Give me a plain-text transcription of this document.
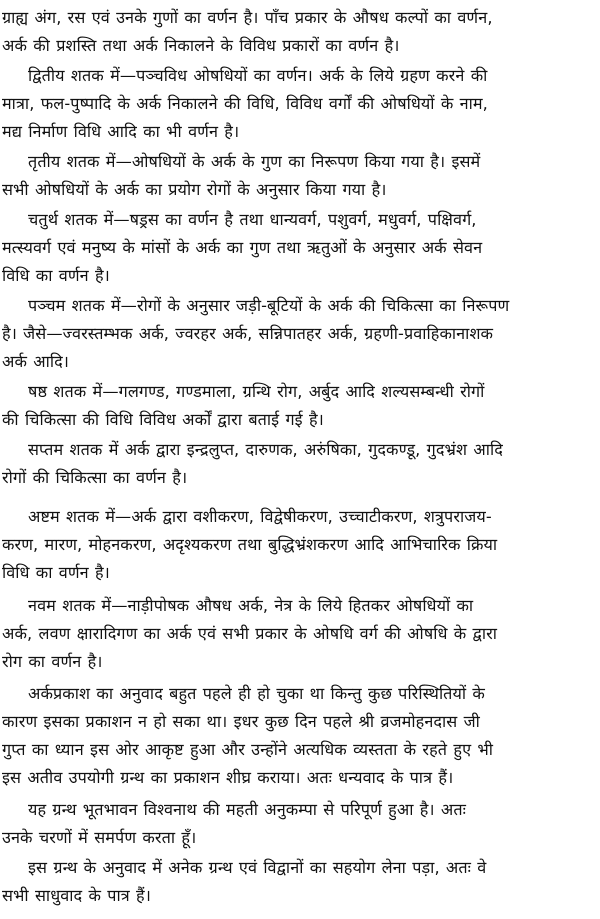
ग्राह्य अंग, रस एवं उनके गुणों का वर्णन है। पाँच प्रकार के औषध कल्पों का वर्णन,
अर्क की प्रशस्ति तथा अर्क निकालने के विविध प्रकारों का वर्णन है।
द्वितीय शतक में—पञ्चविध ओषधियों का वर्णन। अर्क के लिये ग्रहण करने की
मात्रा, फल-पुष्पादि के अर्क निकालने की विधि, विविध वर्गों की ओषधियों के नाम,
मद्य निर्माण विधि आदि का भी वर्णन है।
तृतीय शतक में—ओषधियों के अर्क के गुण का निरूपण किया गया है। इसमें
सभी ओषधियों के अर्क का प्रयोग रोगों के अनुसार किया गया है।
चतुर्थ शतक में—षड्रस का वर्णन है तथा धान्यवर्ग, पशुवर्ग, मधुवर्ग, पक्षिवर्ग,
मत्स्यवर्ग एवं मनुष्य के मांसों के अर्क का गुण तथा ऋतुओं के अनुसार अर्क सेवन
विधि का वर्णन है।
पञ्चम शतक में—रोगों के अनुसार जड़ी-बूटियों के अर्क की चिकित्सा का निरूपण
है। जैसे—ज्वरस्तम्भक अर्क, ज्वरहर अर्क, सन्निपातहर अर्क, ग्रहणी-प्रवाहिकानाशक
अर्क आदि।
षष्ठ शतक में—गलगण्ड, गण्डमाला, ग्रन्थि रोग, अर्बुद आदि शल्यसम्बन्धी रोगों
की चिकित्सा की विधि विविध अर्कों द्वारा बताई गई है।
सप्तम शतक में अर्क द्वारा इन्द्रलुप्त, दारुणक, अरुंषिका, गुदकण्डू, गुदभ्रंश आदि
रोगों की चिकित्सा का वर्णन है।
अष्टम शतक में—अर्क द्वारा वशीकरण, विद्वेषीकरण, उच्चाटीकरण, शत्रुपराजय-
करण, मारण, मोहनकरण, अदृश्यकरण तथा बुद्धिभ्रंशकरण आदि आभिचारिक क्रिया
विधि का वर्णन है।
नवम शतक में—नाड़ीपोषक औषध अर्क, नेत्र के लिये हितकर ओषधियों का
अर्क, लवण क्षारादिगण का अर्क एवं सभी प्रकार के ओषधि वर्ग की ओषधि के द्वारा
रोग का वर्णन है।
अर्कप्रकाश का अनुवाद बहुत पहले ही हो चुका था किन्तु कुछ परिस्थितियों के
कारण इसका प्रकाशन न हो सका था। इधर कुछ दिन पहले श्री व्रजमोहनदास जी
गुप्त का ध्यान इस ओर आकृष्ट हुआ और उन्होंने अत्यधिक व्यस्तता के रहते हुए भी
इस अतीव उपयोगी ग्रन्थ का प्रकाशन शीघ्र कराया। अतः धन्यवाद के पात्र हैं।
यह ग्रन्थ भूतभावन विश्वनाथ की महती अनुकम्पा से परिपूर्ण हुआ है। अतः
उनके चरणों में समर्पण करता हूँ।
इस ग्रन्थ के अनुवाद में अनेक ग्रन्थ एवं विद्वानों का सहयोग लेना पड़ा, अतः वे
सभी साधुवाद के पात्र हैं।
